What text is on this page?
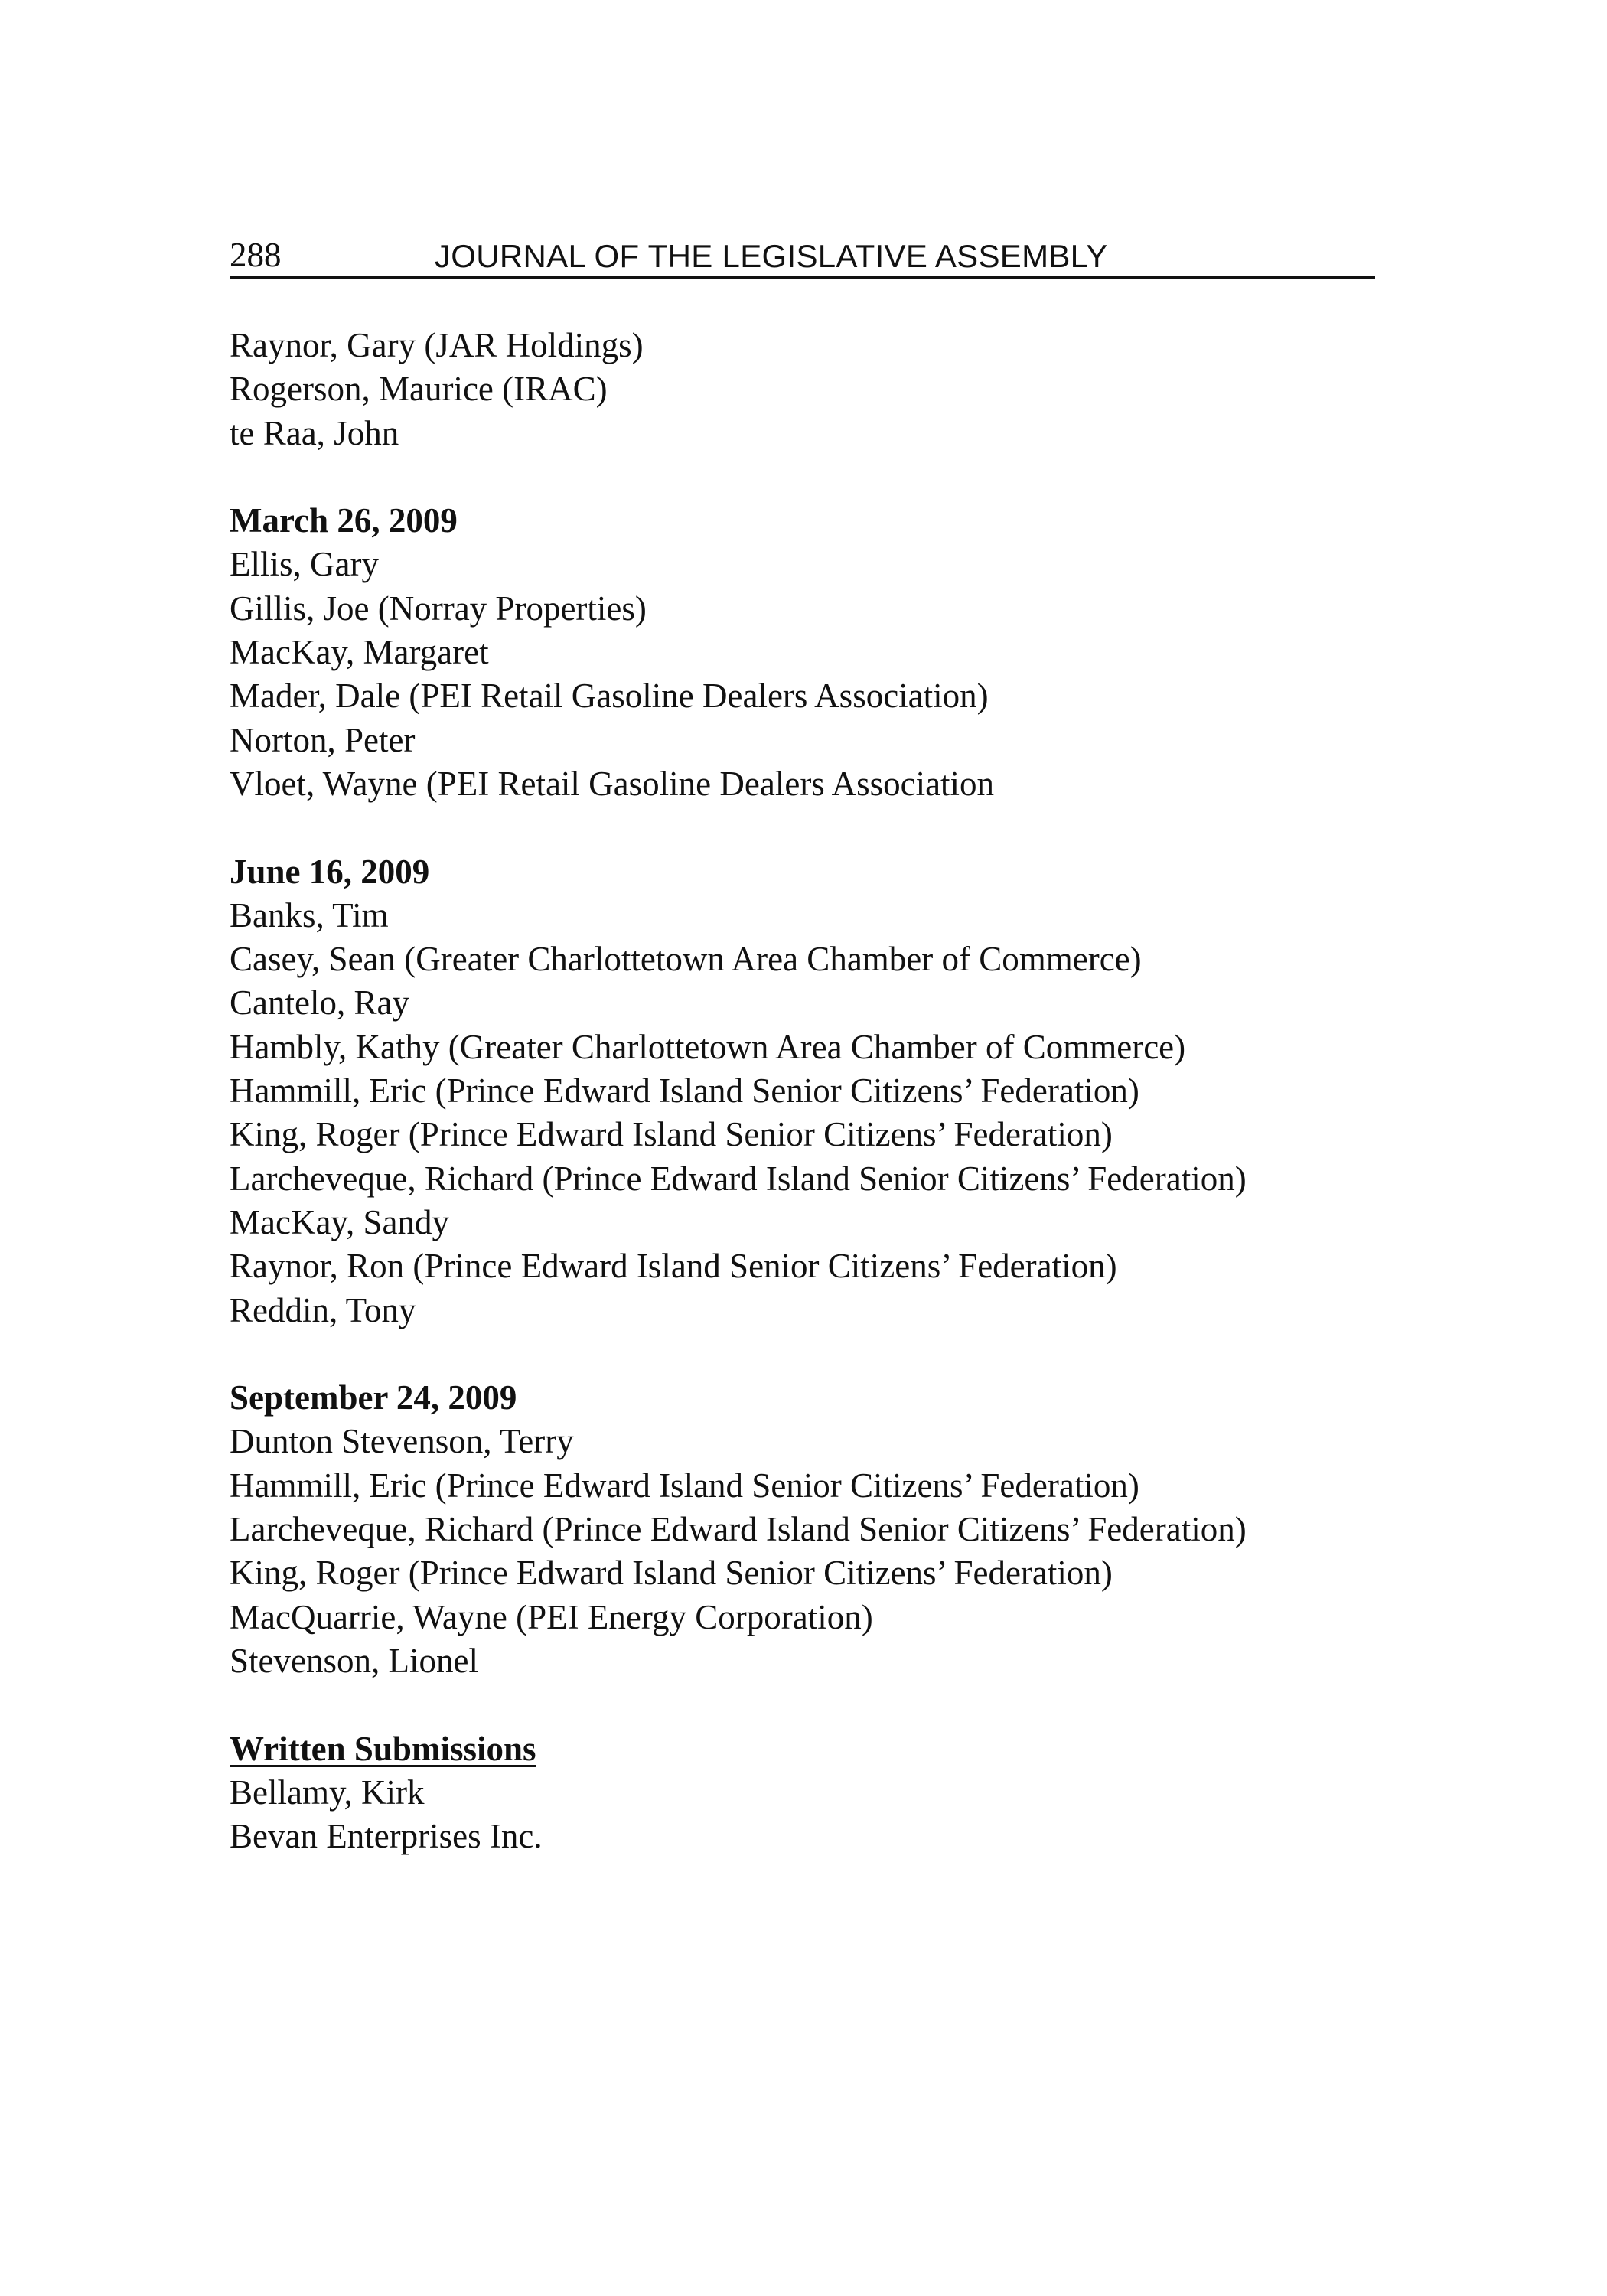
288	JOURNAL OF THE LEGISLATIVE ASSEMBLY
Raynor, Gary (JAR Holdings)
Rogerson, Maurice (IRAC)
te Raa, John
March 26, 2009
Ellis, Gary
Gillis, Joe (Norray Properties)
MacKay, Margaret
Mader, Dale (PEI Retail Gasoline Dealers Association)
Norton, Peter
Vloet, Wayne (PEI Retail Gasoline Dealers Association
June 16, 2009
Banks, Tim
Casey, Sean (Greater Charlottetown Area Chamber of Commerce)
Cantelo, Ray
Hambly, Kathy (Greater Charlottetown Area Chamber of Commerce)
Hammill, Eric (Prince Edward Island Senior Citizens’ Federation)
King, Roger (Prince Edward Island Senior Citizens’ Federation)
Larcheveque, Richard (Prince Edward Island Senior Citizens’ Federation)
MacKay, Sandy
Raynor, Ron (Prince Edward Island Senior Citizens’ Federation)
Reddin, Tony
September 24, 2009
Dunton Stevenson, Terry
Hammill, Eric (Prince Edward Island Senior Citizens’ Federation)
Larcheveque, Richard (Prince Edward Island Senior Citizens’ Federation)
King, Roger (Prince Edward Island Senior Citizens’ Federation)
MacQuarrie, Wayne (PEI Energy Corporation)
Stevenson, Lionel
Written Submissions
Bellamy, Kirk
Bevan Enterprises Inc.
